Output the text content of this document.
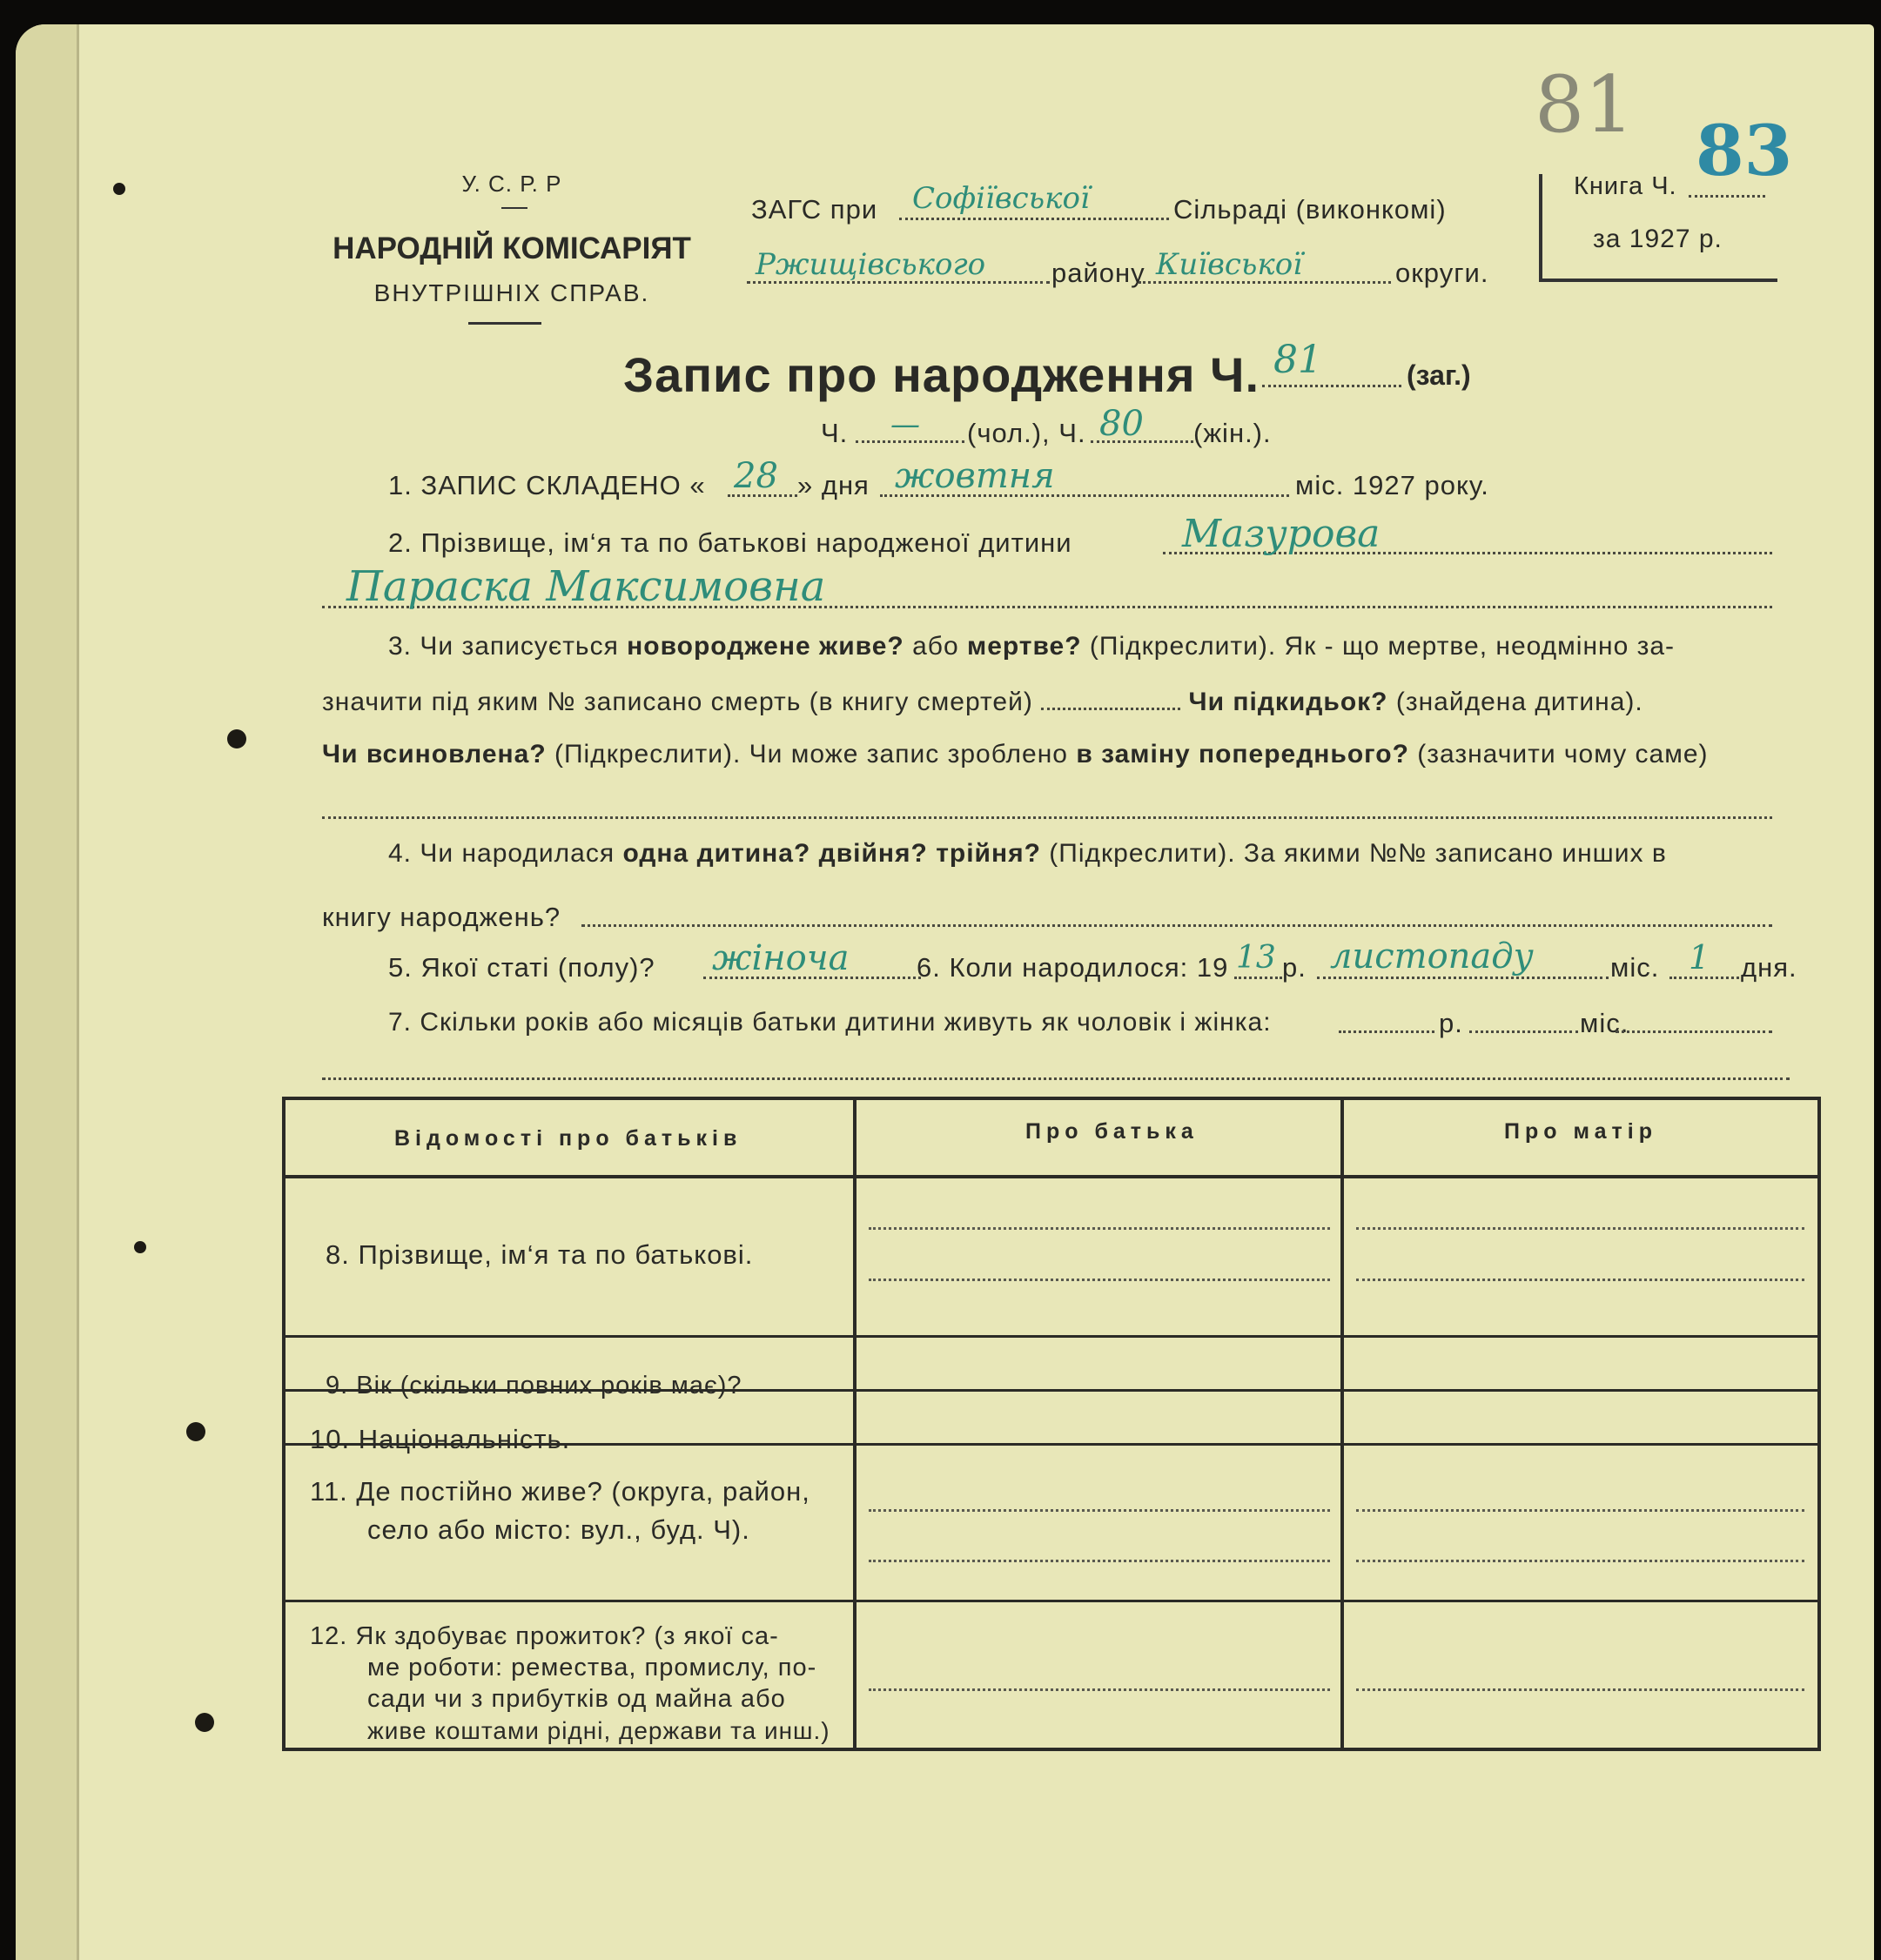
У. С. Р. Р
НАРОДНІЙ КОМІСАРІЯТ
ВНУТРІШНІХ СПРАВ.
ЗАГС при Софіївської	Сільраді (виконкомі)
Ржищівського району Київської	округи.
Книга Ч.
за 1927 р.
81 83
Запис про народження Ч. 81	(заг.)
Ч. — (чол.), Ч. 80 (жін.).
1. ЗАПИС СКЛАДЕНО « 28 » дня жовтня	міс. 1927 року.
2. Прізвище, ім‘я та по батькові народженої дитини	Мазурова
Параска Максимовна
3. Чи записується новороджене живе? або мертве? (Підкреслити). Як - що мертве, неодмінно за-
значити під яким № записано смерть (в книгу смертей)	Чи підкидьок? (знайдена дитина).
Чи всиновлена? (Підкреслити). Чи може запис зроблено в заміну попереднього? (зазначити чому саме)
4. Чи народилася одна дитина? двійня? трійня? (Підкреслити). За якими №№ записано инших в
книгу народжень?
5. Якої статі (полу)? жіноча	6. Коли народилося: 19 13 р. листопаду	міс. 1 дня.
7. Скільки років або місяців батьки дитини живуть як чоловік і жінка:	р.	міс.
Відомості про батьків	Про батька	Про матір
8. Прізвище, ім‘я та по батькові.
9. Вік (скільки повних років має)?
10. Національність.
11. Де постійно живе? (округа, район,
село або місто: вул., буд. Ч).
12. Як здобуває прожиток? (з якої са-
ме роботи: ремества, промислу, по-
сади чи з прибутків од майна або
живе коштами рідні, держави та инш.)
